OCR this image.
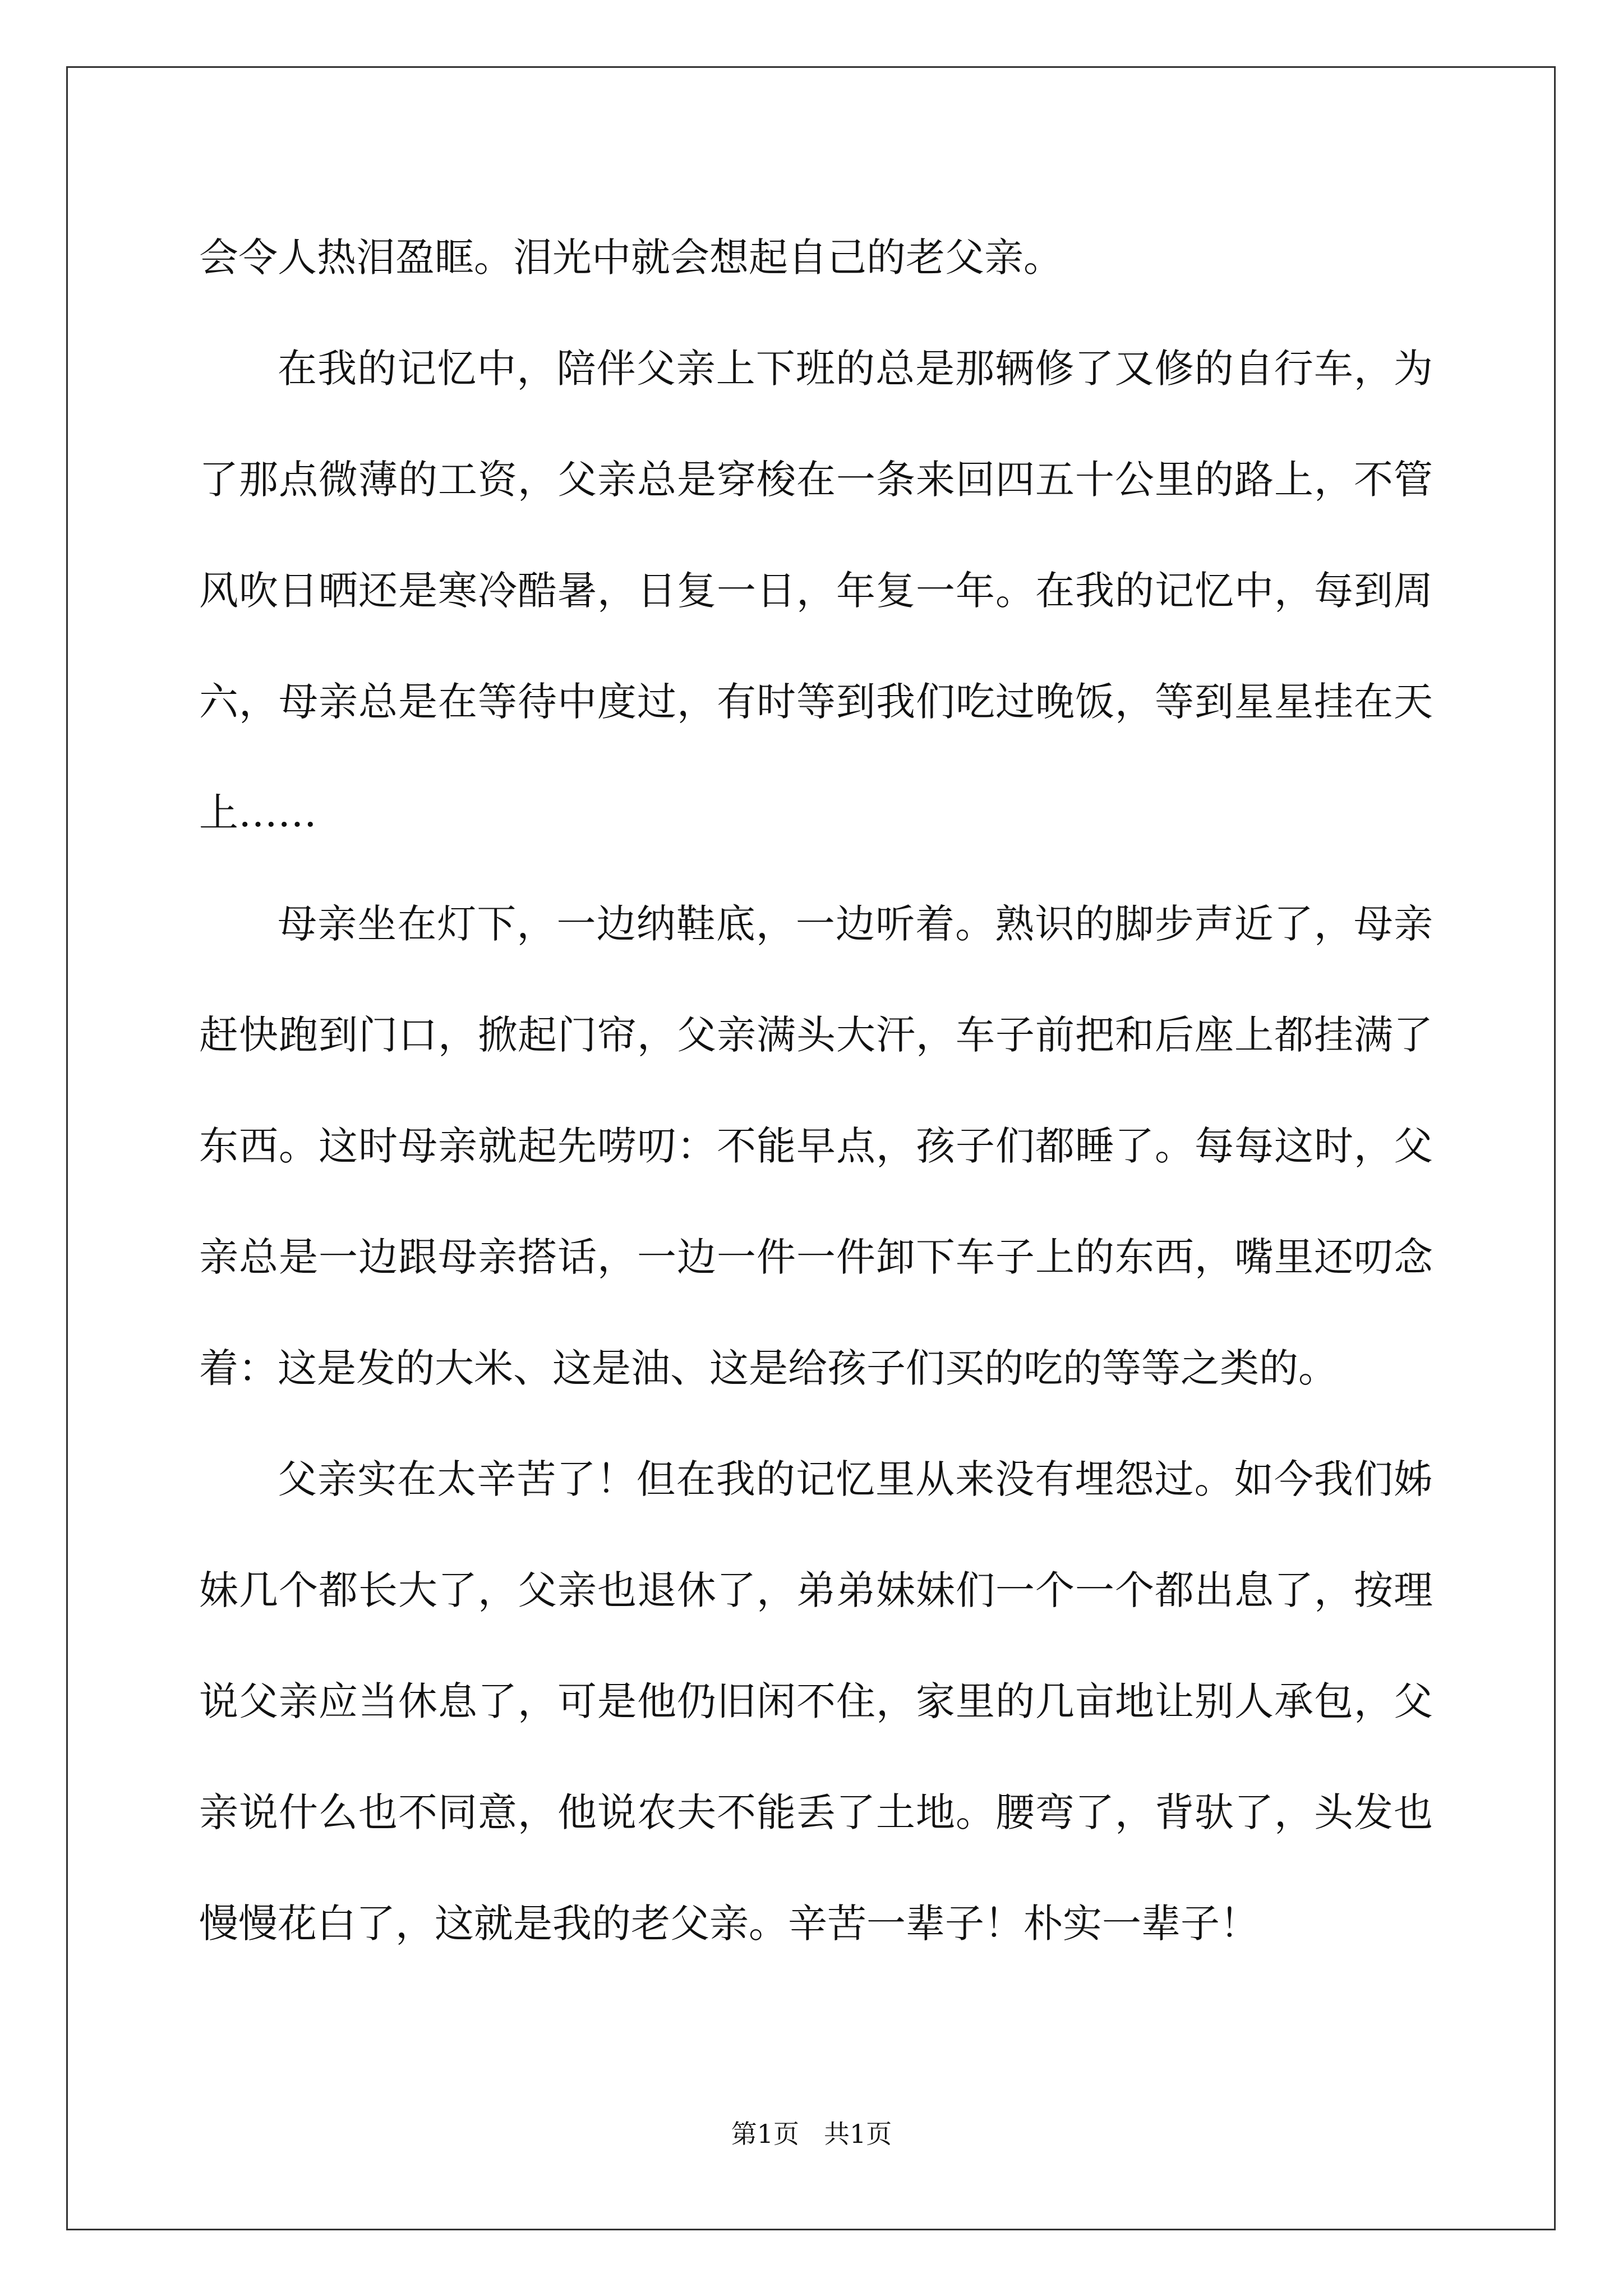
会令人热泪盈眶。泪光中就会想起自己的老父亲。

在我的记忆中，陪伴父亲上下班的总是那辆修了又修的自行车，为了那点微薄的工资，父亲总是穿梭在一条来回四五十公里的路上，不管风吹日晒还是寒冷酷暑，日复一日，年复一年。在我的记忆中，每到周六，母亲总是在等待中度过，有时等到我们吃过晚饭，等到星星挂在天上……

母亲坐在灯下，一边纳鞋底，一边听着。熟识的脚步声近了，母亲赶快跑到门口，掀起门帘，父亲满头大汗，车子前把和后座上都挂满了东西。这时母亲就起先唠叨：不能早点，孩子们都睡了。每每这时，父亲总是一边跟母亲搭话，一边一件一件卸下车子上的东西，嘴里还叨念着：这是发的大米、这是油、这是给孩子们买的吃的等等之类的。

父亲实在太辛苦了！但在我的记忆里从来没有埋怨过。如今我们姊妹几个都长大了，父亲也退休了，弟弟妹妹们一个一个都出息了，按理说父亲应当休息了，可是他仍旧闲不住，家里的几亩地让别人承包，父亲说什么也不同意，他说农夫不能丢了土地。腰弯了，背驮了，头发也慢慢花白了，这就是我的老父亲。辛苦一辈子！朴实一辈子！

第1页 共1页
